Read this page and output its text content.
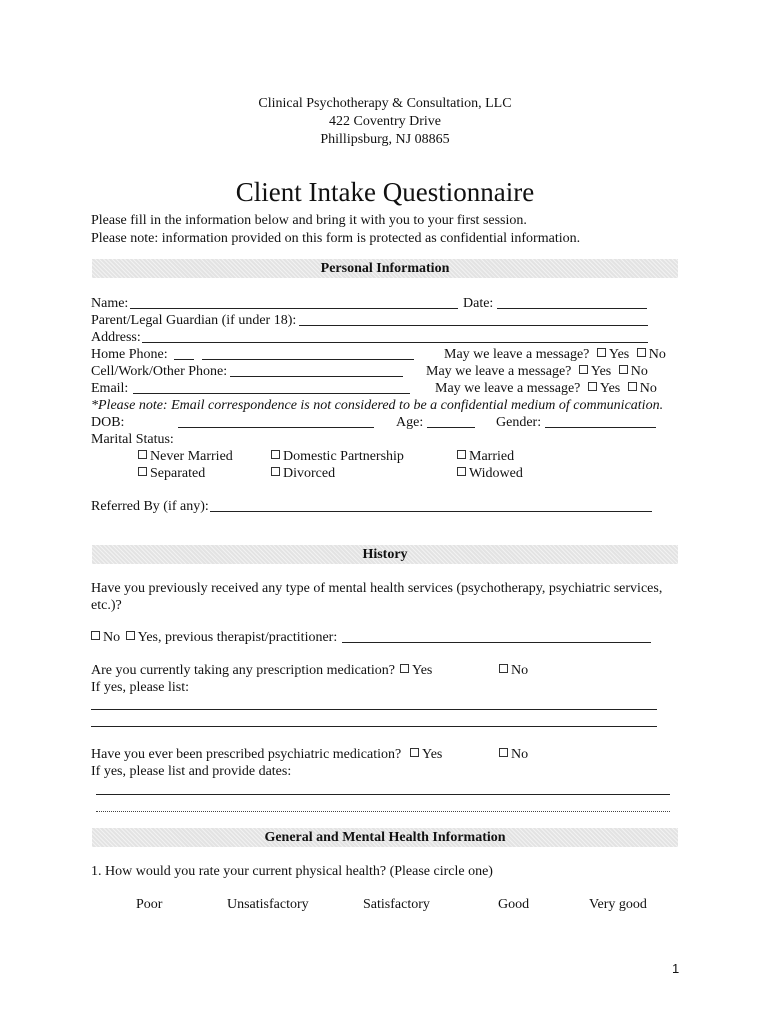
Clinical Psychotherapy & Consultation, LLC
422 Coventry Drive
Phillipsburg, NJ 08865
Client Intake Questionnaire
Please fill in the information below and bring it with you to your first session.
Please note: information provided on this form is protected as confidential information.
Personal Information
Name:	Date:
Parent/Legal Guardian (if under 18):
Address:
Home Phone:	May we leave a message? Yes No
Cell/Work/Other Phone:	May we leave a message? Yes No
Email:	May we leave a message? Yes No
*Please note: Email correspondence is not considered to be a confidential medium of communication.
DOB:	Age:	Gender:
Marital Status:
Never Married	Domestic Partnership	Married
Separated	Divorced	Widowed
Referred By (if any):
History
Have you previously received any type of mental health services (psychotherapy, psychiatric services,
etc.)?
No Yes, previous therapist/practitioner:
Are you currently taking any prescription medication?	Yes	No
If yes, please list:
Have you ever been prescribed psychiatric medication?	Yes	No
If yes, please list and provide dates:
General and Mental Health Information
1. How would you rate your current physical health? (Please circle one)
Poor	Unsatisfactory	Satisfactory	Good	Very good
1
